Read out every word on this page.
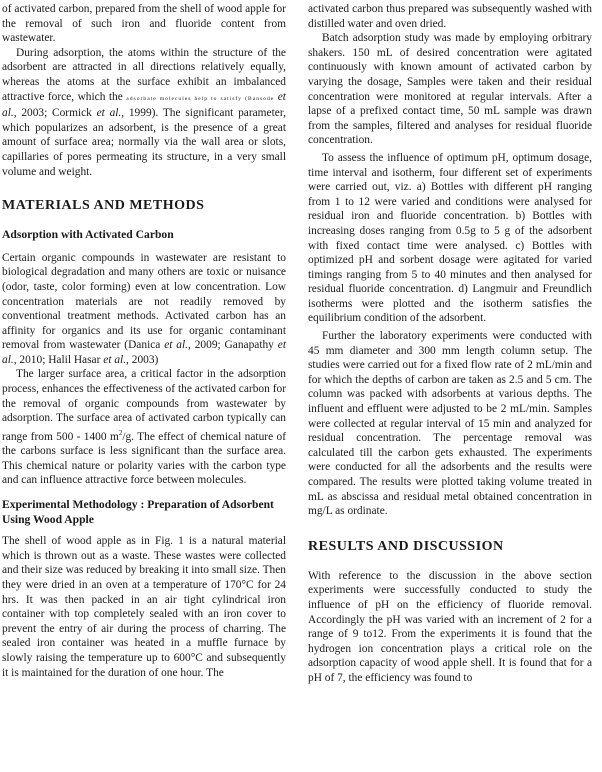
of activated carbon, prepared from the shell of wood apple for the removal of such iron and fluoride content from wastewater.

During adsorption, the atoms within the structure of the adsorbent are attracted in all directions relatively equally, whereas the atoms at the surface exhibit an imbalanced attractive force, which the adsorbate molecules help to satisfy (Bansode et al., 2003; Cormick et al., 1999). The significant parameter, which popularizes an adsorbent, is the presence of a great amount of surface area; normally via the wall area or slots, capillaries of pores permeating its structure, in a very small volume and weight.

MATERIALS AND METHODS
Adsorption with Activated Carbon

Certain organic compounds in wastewater are resistant to biological degradation and many others are toxic or nuisance (odor, taste, color forming) even at low concentration. Low concentration materials are not readily removed by conventional treatment methods. Activated carbon has an affinity for organics and its use for organic contaminant removal from wastewater (Danica et al., 2009; Ganapathy et al., 2010; Halil Hasar et al., 2003)

The larger surface area, a critical factor in the adsorption process, enhances the effectiveness of the activated carbon for the removal of organic compounds from wastewater by adsorption. The surface area of activated carbon typically can range from 500 - 1400 $m^2/g$. The effect of chemical nature of the carbons surface is less significant than the surface area. This chemical nature or polarity varies with the carbon type and can influence attractive force between molecules.

Experimental Methodology : Preparation of Adsorbent Using Wood Apple

The shell of wood apple as in Fig. 1 is a natural material which is thrown out as a waste. These wastes were collected and their size was reduced by breaking it into small size. Then they were dried in an oven at a temperature of 170°C for 24 hrs. It was then packed in an air tight cylindrical iron container with top completely sealed with an iron cover to prevent the entry of air during the process of charring. The sealed iron container was heated in a muffle furnace by slowly raising the temperature up to 600°C and subsequently it is maintained for the duration of one hour. The

activated carbon thus prepared was subsequently washed with distilled water and oven dried.

Batch adsorption study was made by employing orbitrary shakers. 150 mL of desired concentration were agitated continuously with known amount of activated carbon by varying the dosage, Samples were taken and their residual concentration were monitored at regular intervals. After a lapse of a prefixed contact time, 50 mL sample was drawn from the samples, filtered and analyses for residual fluoride concentration.

To assess the influence of optimum pH, optimum dosage, time interval and isotherm, four different set of experiments were carried out, viz. a) Bottles with different pH ranging from 1 to 12 were varied and conditions were analysed for residual iron and fluoride concentration. b) Bottles with increasing doses ranging from 0.5g to 5 g of the adsorbent with fixed contact time were analysed. c) Bottles with optimized pH and sorbent dosage were agitated for varied timings ranging from 5 to 40 minutes and then analysed for residual fluoride concentration. d) Langmuir and Freundlich isotherms were plotted and the isotherm satisfies the equilibrium condition of the adsorbent.

Further the laboratory experiments were conducted with 45 mm diameter and 300 mm length column setup. The studies were carried out for a fixed flow rate of 2 mL/min and for which the depths of carbon are taken as 2.5 and 5 cm. The column was packed with adsorbents at various depths. The influent and effluent were adjusted to be 2 mL/min. Samples were collected at regular interval of 15 min and analyzed for residual concentration. The percentage removal was calculated till the carbon gets exhausted. The experiments were conducted for all the adsorbents and the results were compared. The results were plotted taking volume treated in mL as abscissa and residual metal obtained concentration in mg/L as ordinate.

RESULTS AND DISCUSSION

With reference to the discussion in the above section experiments were successfully conducted to study the influence of pH on the efficiency of fluoride removal. Accordingly the pH was varied with an increment of 2 for a range of 9 to12. From the experiments it is found that the hydrogen ion concentration plays a critical role on the adsorption capacity of wood apple shell. It is found that for a pH of 7, the efficiency was found to
